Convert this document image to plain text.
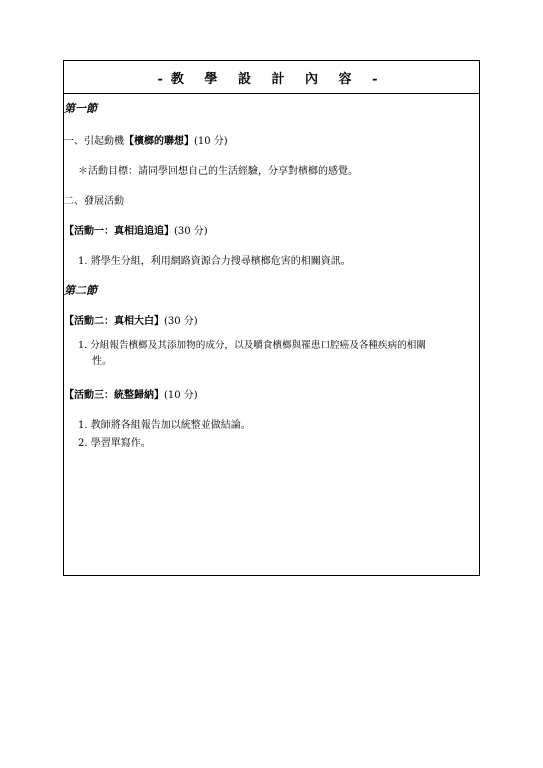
-教 學 設 計 內 容 -
第一節
一、引起動機【檳榔的聯想】(10 分)
＊活動目標：請同學回想自己的生活經驗，分享對檳榔的感覺。
二、發展活動
【活動一：真相追追追】(30 分)
1. 將學生分組，利用網路資源合力搜尋檳榔危害的相關資訊。
第二節
【活動二：真相大白】(30 分)
1. 分組報告檳榔及其添加物的成分，以及嚼食檳榔與罹患口腔癌及各種疾病的相關
性。
【活動三：統整歸納】(10 分)
1. 教師將各組報告加以統整並做結論。
2. 學習單寫作。
